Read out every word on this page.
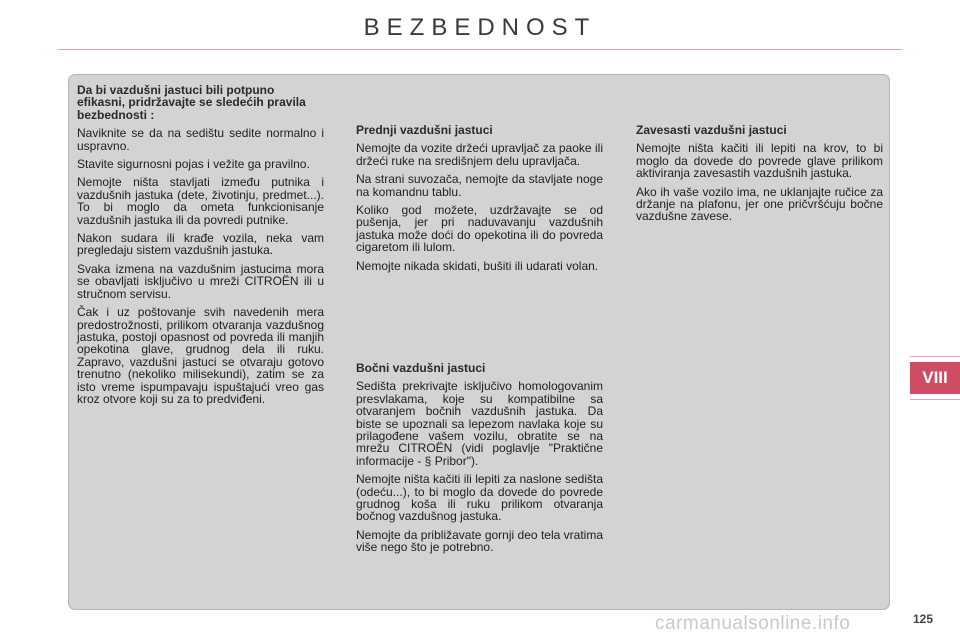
BEZBEDNOST
Da bi vazdušni jastuci bili potpuno efikasni, pridržavajte se sledećih pravila bezbednosti :

Naviknite se da na sedištu sedite normalno i uspravno.

Stavite sigurnosni pojas i vežite ga pravilno.

Nemojte ništa stavljati između putnika i vazdušnih jastuka (dete, životinju, predmet...). To bi moglo da ometa funkcionisanje vazdušnih jastuka ili da povredi putnike.

Nakon sudara ili krađe vozila, neka vam pregledaju sistem vazdušnih jastuka.

Svaka izmena na vazdušnim jastucima mora se obavljati isključivo u mreži CITROËN ili u stručnom servisu.

Čak i uz poštovanje svih navedenih mera predostrožnosti, prilikom otvaranja vazdušnog jastuka, postoji opasnost od povreda ili manjih opekotina glave, grudnog dela ili ruku. Zapravo, vazdušni jastuci se otvaraju gotovo trenutno (nekoliko milisekundi), zatim se za isto vreme ispumpavaju ispuštajući vreo gas kroz otvore koji su za to predviđeni.

Prednji vazdušni jastuci

Nemojte da vozite držeći upravljač za paoke ili držeći ruke na središnjem delu upravljača.

Na strani suvozača, nemojte da stavljate noge na komandnu tablu.

Koliko god možete, uzdržavajte se od pušenja, jer pri naduvavanju vazdušnih jastuka može doći do opekotina ili do povreda cigaretom ili lulom.

Nemojte nikada skidati, bušiti ili udarati volan.

Bočni vazdušni jastuci

Sedišta prekrivajte isključivo homologovanim presvlakama, koje su kompatibilne sa otvaranjem bočnih vazdušnih jastuka. Da biste se upoznali sa lepezom navlaka koje su prilagođene vašem vozilu, obratite se na mrežu CITROËN (vidi poglavlje "Praktične informacije - § Pribor").

Nemojte ništa kačiti ili lepiti za naslone sedišta (odeću...), to bi moglo da dovede do povrede grudnog koša ili ruku prilikom otvaranja bočnog vazdušnog jastuka.

Nemojte da približavate gornji deo tela vratima više nego što je potrebno.

Zavesasti vazdušni jastuci

Nemojte ništa kačiti ili lepiti na krov, to bi moglo da dovede do povrede glave prilikom aktiviranja zavesastih vazdušnih jastuka.

Ako ih vaše vozilo ima, ne uklanjajte ručice za držanje na plafonu, jer one pričvršćuju bočne vazdušne zavese.

VIII
carmanualsonline.info	125
